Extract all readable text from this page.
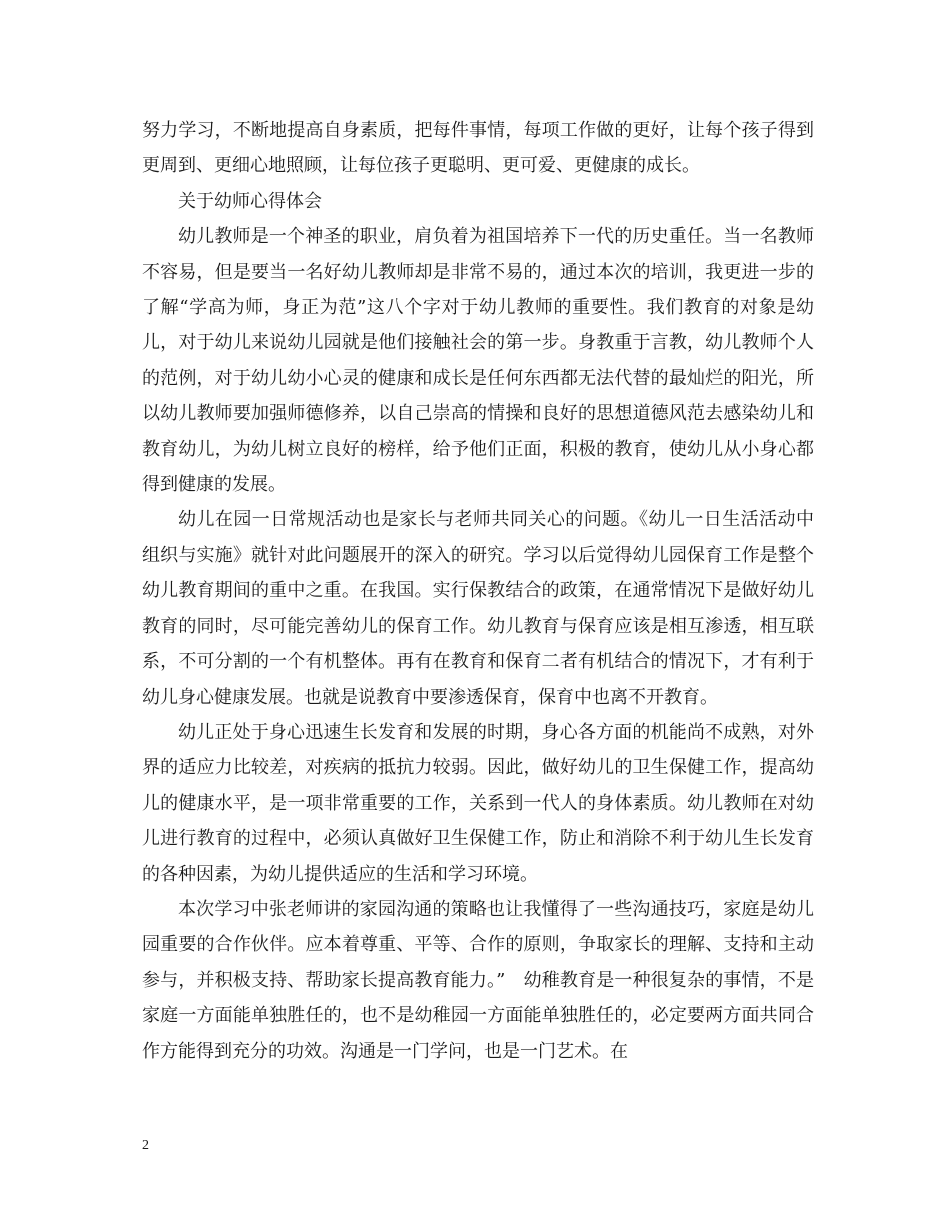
努力学习，不断地提高自身素质，把每件事情，每项工作做的更好，让每个孩子得到更周到、更细心地照顾，让每位孩子更聪明、更可爱、更健康的成长。

关于幼师心得体会

幼儿教师是一个神圣的职业，肩负着为祖国培养下一代的历史重任。当一名教师不容易，但是要当一名好幼儿教师却是非常不易的，通过本次的培训，我更进一步的了解“学高为师，身正为范”这八个字对于幼儿教师的重要性。我们教育的对象是幼儿，对于幼儿来说幼儿园就是他们接触社会的第一步。身教重于言教，幼儿教师个人的范例，对于幼儿幼小心灵的健康和成长是任何东西都无法代替的最灿烂的阳光，所以幼儿教师要加强师德修养，以自己崇高的情操和良好的思想道德风范去感染幼儿和教育幼儿，为幼儿树立良好的榜样，给予他们正面，积极的教育，使幼儿从小身心都得到健康的发展。

幼儿在园一日常规活动也是家长与老师共同关心的问题。《幼儿一日生活活动中组织与实施》就针对此问题展开的深入的研究。学习以后觉得幼儿园保育工作是整个幼儿教育期间的重中之重。在我国。实行保教结合的政策，在通常情况下是做好幼儿教育的同时，尽可能完善幼儿的保育工作。幼儿教育与保育应该是相互渗透，相互联系，不可分割的一个有机整体。再有在教育和保育二者有机结合的情况下，才有利于幼儿身心健康发展。也就是说教育中要渗透保育，保育中也离不开教育。

幼儿正处于身心迅速生长发育和发展的时期，身心各方面的机能尚不成熟，对外界的适应力比较差，对疾病的抵抗力较弱。因此，做好幼儿的卫生保健工作，提高幼儿的健康水平，是一项非常重要的工作，关系到一代人的身体素质。幼儿教师在对幼儿进行教育的过程中，必须认真做好卫生保健工作，防止和消除不利于幼儿生长发育的各种因素，为幼儿提供适应的生活和学习环境。

本次学习中张老师讲的家园沟通的策略也让我懂得了一些沟通技巧，家庭是幼儿园重要的合作伙伴。应本着尊重、平等、合作的原则，争取家长的理解、支持和主动参与，并积极支持、帮助家长提高教育能力。”　幼稚教育是一种很复杂的事情，不是家庭一方面能单独胜任的，也不是幼稚园一方面能单独胜任的，必定要两方面共同合作方能得到充分的功效。沟通是一门学问，也是一门艺术。在

2
